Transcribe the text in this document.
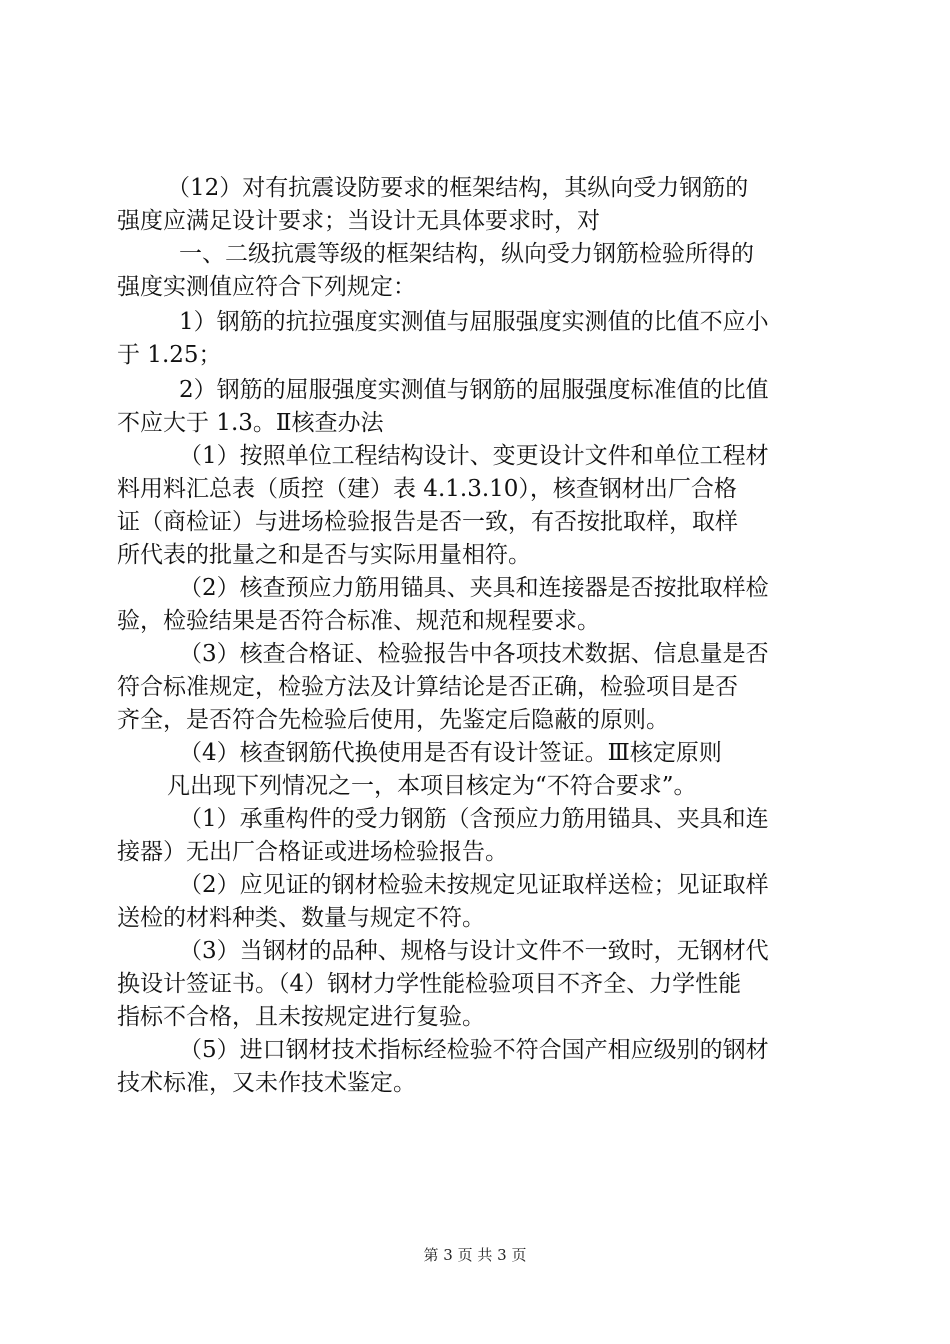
（12）对有抗震设防要求的框架结构，其纵向受力钢筋的
强度应满足设计要求；当设计无具体要求时，对
一、二级抗震等级的框架结构，纵向受力钢筋检验所得的
强度实测值应符合下列规定：
1）钢筋的抗拉强度实测值与屈服强度实测值的比值不应小
于 1.25；
2）钢筋的屈服强度实测值与钢筋的屈服强度标准值的比值
不应大于 1.3。Ⅱ核查办法
（1）按照单位工程结构设计、变更设计文件和单位工程材
料用料汇总表（质控（建）表 4.1.3.10），核查钢材出厂合格
证（商检证）与进场检验报告是否一致，有否按批取样，取样
所代表的批量之和是否与实际用量相符。
（2）核查预应力筋用锚具、夹具和连接器是否按批取样检
验，检验结果是否符合标准、规范和规程要求。
（3）核查合格证、检验报告中各项技术数据、信息量是否
符合标准规定，检验方法及计算结论是否正确，检验项目是否
齐全，是否符合先检验后使用，先鉴定后隐蔽的原则。
（4）核查钢筋代换使用是否有设计签证。Ⅲ核定原则
凡出现下列情况之一，本项目核定为“不符合要求”。
（1）承重构件的受力钢筋（含预应力筋用锚具、夹具和连
接器）无出厂合格证或进场检验报告。
（2）应见证的钢材检验未按规定见证取样送检；见证取样
送检的材料种类、数量与规定不符。
（3）当钢材的品种、规格与设计文件不一致时，无钢材代
换设计签证书。（4）钢材力学性能检验项目不齐全、力学性能
指标不合格，且未按规定进行复验。
（5）进口钢材技术指标经检验不符合国产相应级别的钢材
技术标准，又未作技术鉴定。
第 3 页 共 3 页
